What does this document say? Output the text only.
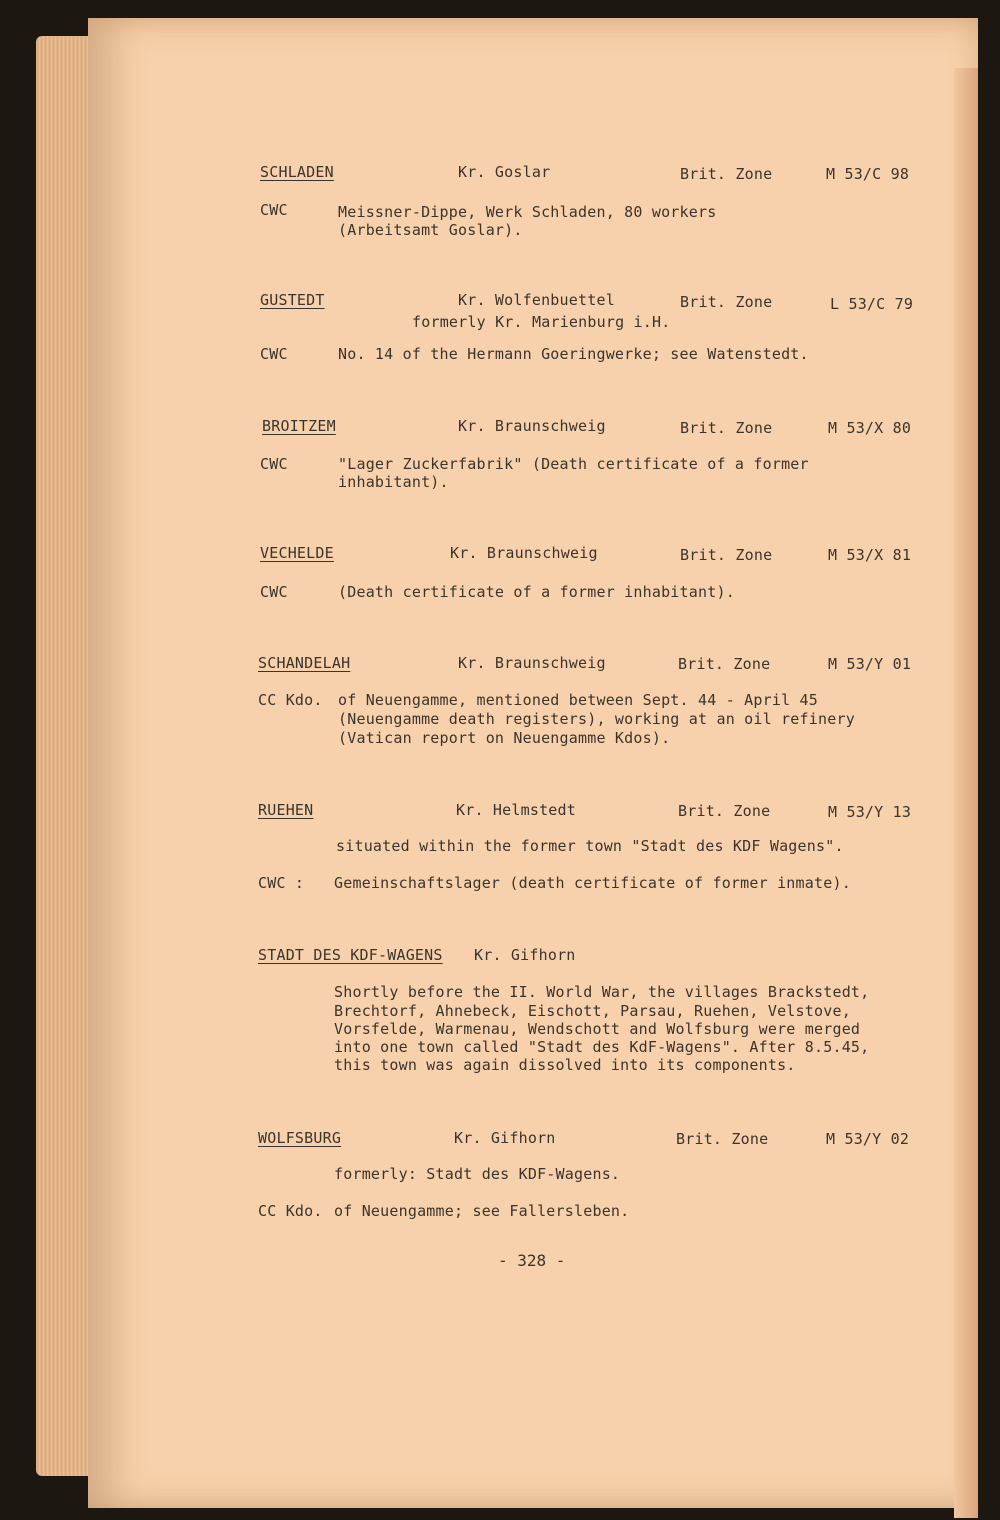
SCHLADEN	Kr. Goslar	Brit. Zone	M 53/C 98
CWC	Meissner-Dippe, Werk Schladen, 80 workers
(Arbeitsamt Goslar).
GUSTEDT	Kr. Wolfenbuettel	Brit. Zone	L 53/C 79
formerly Kr. Marienburg i.H.
CWC	No. 14 of the Hermann Goeringwerke; see Watenstedt.
BROITZEM	Kr. Braunschweig	Brit. Zone	M 53/X 80
CWC	"Lager Zuckerfabrik" (Death certificate of a former
inhabitant).
VECHELDE	Kr. Braunschweig	Brit. Zone	M 53/X 81
CWC	(Death certificate of a former inhabitant).
SCHANDELAH	Kr. Braunschweig	Brit. Zone	M 53/Y 01
CC Kdo. of Neuengamme, mentioned between Sept. 44 - April 45
(Neuengamme death registers), working at an oil refinery
(Vatican report on Neuengamme Kdos).
RUEHEN	Kr. Helmstedt	Brit. Zone	M 53/Y 13
situated within the former town "Stadt des KDF Wagens".
CWC : Gemeinschaftslager (death certificate of former inmate).
STADT DES KDF-WAGENS Kr. Gifhorn
Shortly before the II. World War, the villages Brackstedt,
Brechtorf, Ahnebeck, Eischott, Parsau, Ruehen, Velstove,
Vorsfelde, Warmenau, Wendschott and Wolfsburg were merged
into one town called "Stadt des KdF-Wagens". After 8.5.45,
this town was again dissolved into its components.
WOLFSBURG	Kr. Gifhorn	Brit. Zone	M 53/Y 02
formerly: Stadt des KDF-Wagens.
CC Kdo. of Neuengamme; see Fallersleben.
- 328 -
